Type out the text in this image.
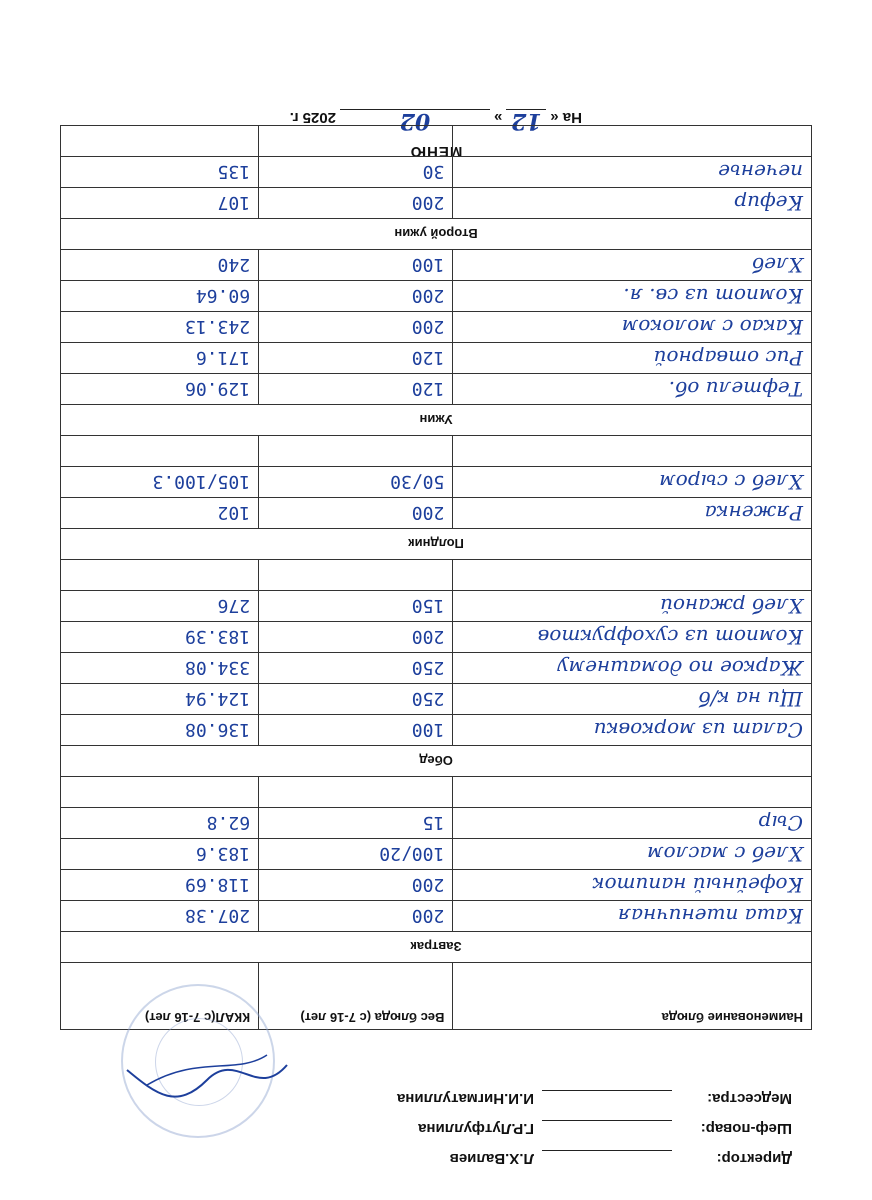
МЕНЮ
На «
12
»
02
2025
г.
Наименование блюда	Вес блюда (с 7-16 лет)	ККАЛ(с 7-16 лет)
Завтрак		
Каша пшеничная	200	207.38
Кофейный напиток	200	118.69
Хлеб с маслом	100/20	183.6
Сыр	15	62.8

Обед		
Салат из морковки	100	136.08
Щи на к/б	250	124.94
Жаркое по домашнему	250	334.08
Компот из сухофруктов	200	183.39
Хлеб ржаной	150	276

Полдник		
Ряженка	200	102
Хлеб с сыром	50/30	105/100.3

Ужин		
Тефтели об.	120	129.06
Рис отварной	120	171.6
Какао с молоком	200	243.13
Компот из св. я.	200	60.64
Хлеб	100	240
Второй ужин		
Кефир	200	107
печенье	30	135

Директор:
Л.Х.Валиев
Шеф-повар:
Г.Р.Лутфуллина
Медсестра:
И.И.Нигматуллина
